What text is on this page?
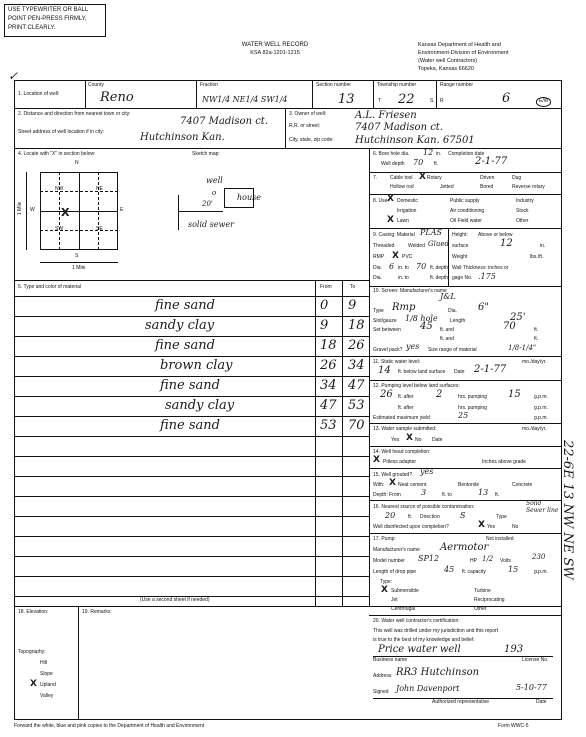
USE TYPEWRITER OR BALL
POINT PEN-PRESS FIRMLY,
PRINT CLEARLY.
WATER WELL RECORD
KSA 82a-1201-1215
Kansas Department of Health and
Environment-Division of Environment
(Water well Contractors)
Topeka, Kansas 66620
✓
1. Location of well:
County
Reno
Fraction
NW1/4 NE1/4 SW1/4
Section number
13
Township number
T 22	S
Range number
R	6	E/W
2. Distance and direction from nearest town or city:
Street address of well location if in city:
7407 Madison ct.
Hutchinson Kan.
3. Owner of well:
R.R. or street:
City, state, zip code:
A.L. Friesen
7407 Madison ct.
Hutchinson Kan. 67501
4. Locate with "X" in section below:	Sketch map:
N
S
W	E
NW	NE
SW	SE
X
1 Mile
1 Mile
well
o
20'
house
solid sewer
5. Type and color of material	From	To
fine sand	0 9
sandy clay	9 18
fine sand	18 26
brown clay	26 34
fine sand	34 47
sandy clay	47 53
fine sand	53 70
(Use a second sheet if needed)
6. Bore hole dia. 12 in. Completion date
Well depth 70 ft.	2-1-77
7.	Cable tool X Rotary	Driven	Dug
Hollow rod	Jetted	Bored	Reverse rotary
8. Use:
X Domestic	Public supply	Industry
Irrigation	Air conditioning	Stock
X Lawn	Oil Field water	Other
9. Casing: Material PLAS Height: Above or below
Threaded	Welded Glued surface	12	in.
RMP X PVC	Weight	lbs./ft.
Dia. 6 in. to 70 ft. depth Wall Thickness: inches or
Dia.	in. to	ft. depth gage No. .175
10. Screen: Manufacturer's name
J&L
Type Rmp	Dia. 6"
Slot/gauze 1/8 hole Length	25'
Set between 45 ft. and	70	ft.
ft. and	ft.
Gravel pack? yes Size range of material	1/8-1/4"
11. Static water level:	mo./day/yr.
14 ft. below land surface Date 2-1-77
12. Pumping level below land surfaces:
26 ft. after 2	hrs. pumping 15	g.p.m.
ft. after	hrs. pumping	g.p.m.
Estimated maximum yield	25	g.p.m.
13. Water sample submitted:	mo./day/yr.
Yes X No Date
14. Well head completion:
X Pitless adapter	Inches above grade
15. Well grouted? yes
With: X Neat cement	Bentonite	Concrete
Depth: From	3	ft. to	13 ft.
16. Nearest source of possible contamination:	Solid Sewer line
20	ft. Direction	S	Type
Well disinfected upon completion?	X Yes	No
17. Pump:	Not installed
Manufacturer's name Aermotor
Model number SP12	HP 1/2 Volts	230
Length of drop pipe	45 ft. capacity	15	g.p.m.
Type:
X Submersible	Turbine
Jet	Reciprocating
Centrifugal	Other
18. Elevation:
Topography:
Hill
Slope
X Upland
Valley
19. Remarks:
20. Water well contractor's certification:
This well was drilled under my jurisdiction and this report
is true to the best of my knowledge and belief.
Price water well	193
Business name	License No.
Address RR3 Hutchinson
Signed John Davenport	5-10-77
Authorized representative	Date
Forward the white, blue and pink copies to the Department of Health and Environment	Form WWC-5
22-6E 13 NW NE SW
